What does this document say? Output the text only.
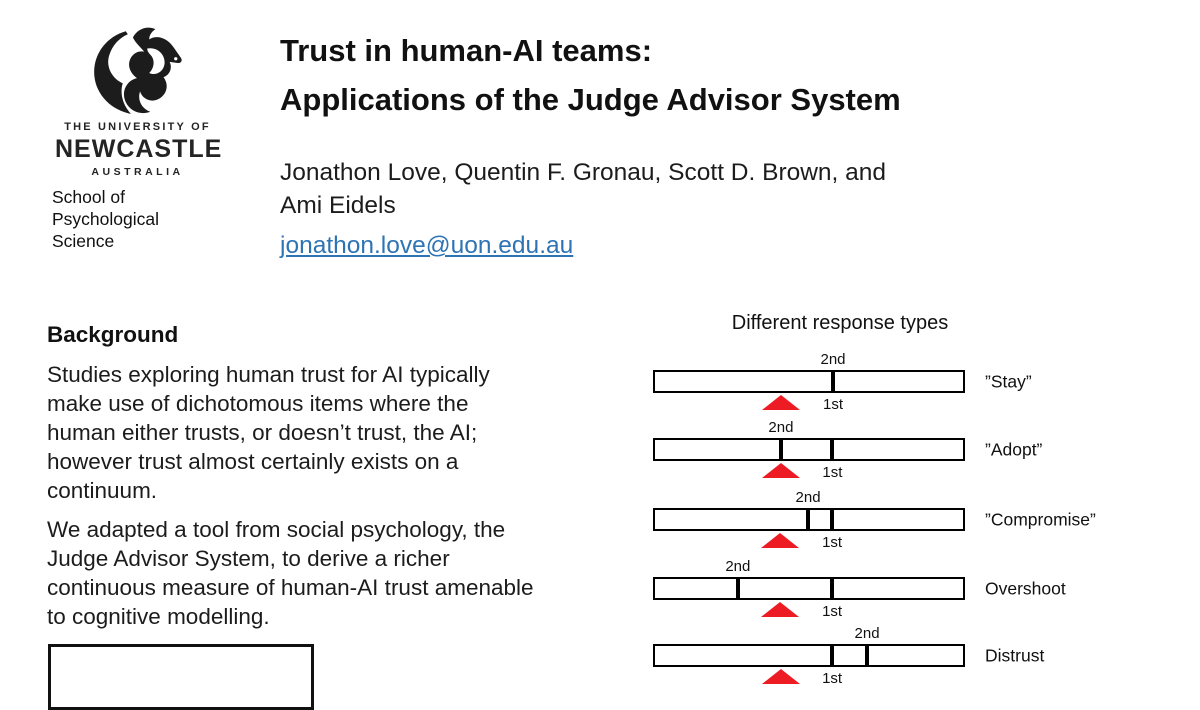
THE UNIVERSITY OF
NEWCASTLE
AUSTRALIA
School of
Psychological
Science
Trust in human-AI teams:
Applications of the Judge Advisor System
Jonathon Love, Quentin F. Gronau, Scott D. Brown, and
Ami Eidels
jonathon.love@uon.edu.au
Background

Studies exploring human trust for AI typically make use of dichotomous items where the human either trusts, or doesn’t trust, the AI; however trust almost certainly exists on a continuum.

We adapted a tool from social psychology, the Judge Advisor System, to derive a richer continuous measure of human-AI trust amenable to cognitive modelling.

Different response types
2nd
1st
”Stay”
2nd
1st
”Adopt”
2nd
1st
”Compromise”
2nd
1st
Overshoot
2nd
1st
Distrust
